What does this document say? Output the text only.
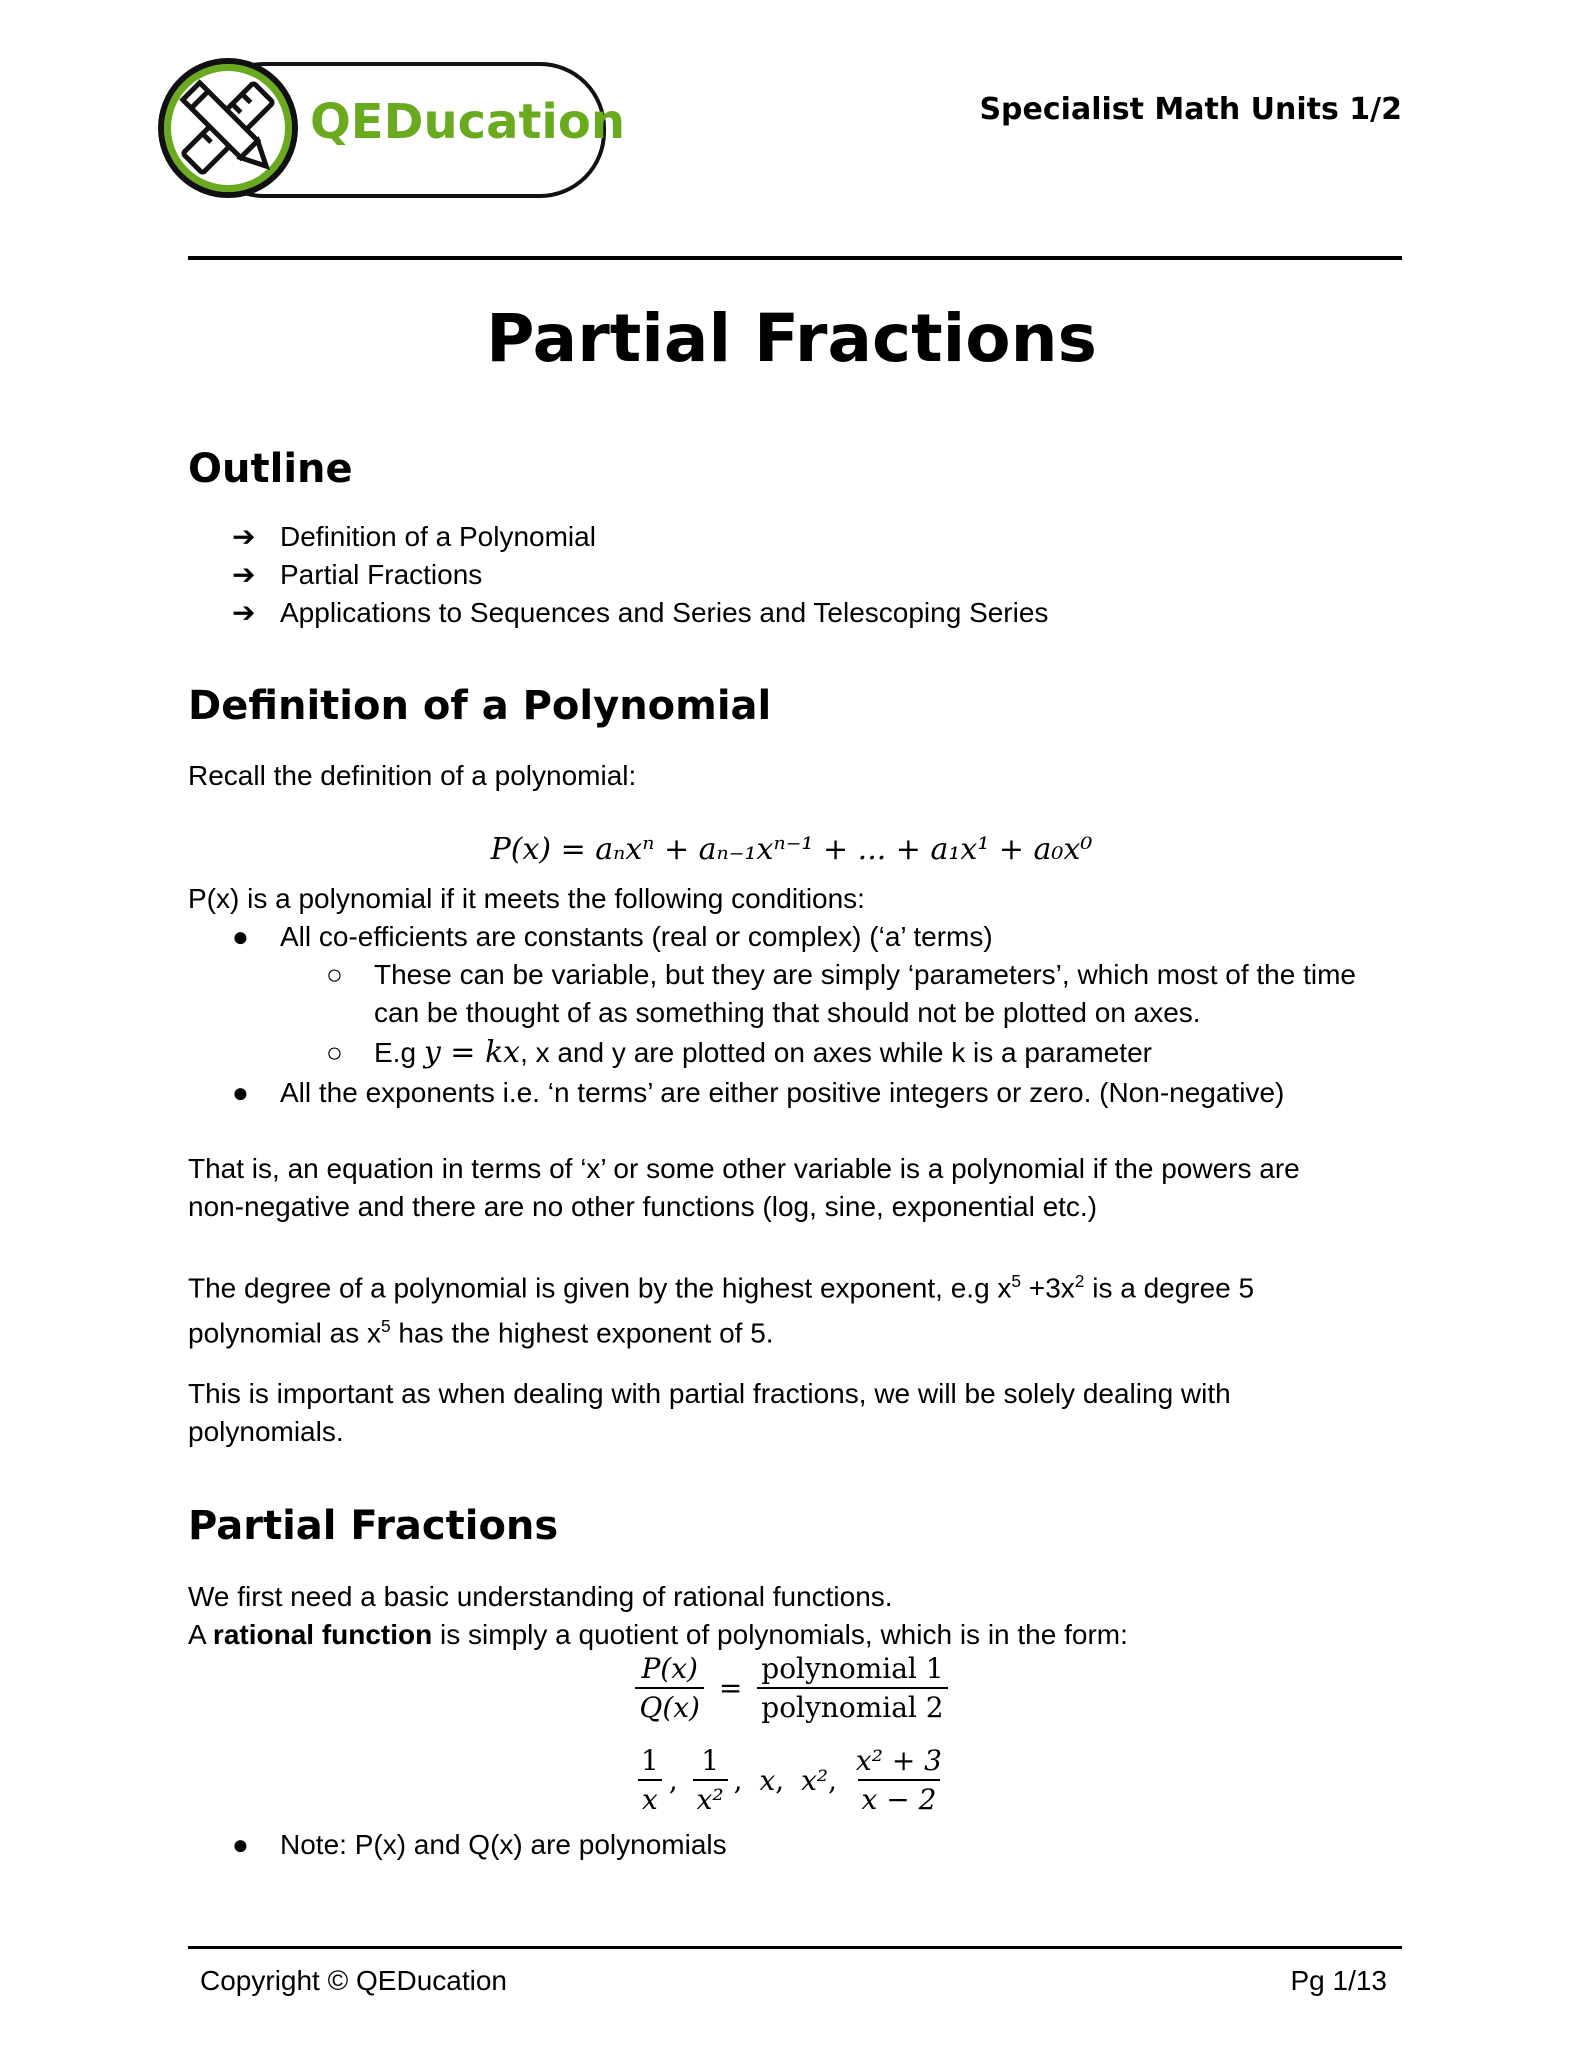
QEDucation	Specialist Math Units 1/2
Partial Fractions
Outline
➔ Definition of a Polynomial
➔ Partial Fractions
➔ Applications to Sequences and Series and Telescoping Series
Definition of a Polynomial
Recall the definition of a polynomial:
P(x) = aₙxⁿ + aₙ₋₁xⁿ⁻¹ + ... + a₁x¹ + a₀x⁰
P(x) is a polynomial if it meets the following conditions:
● All co-efficients are constants (real or complex) (‘a’ terms)
○ These can be variable, but they are simply ‘parameters’, which most of the time
can be thought of as something that should not be plotted on axes.
○ E.g y = kx, x and y are plotted on axes while k is a parameter
● All the exponents i.e. ‘n terms’ are either positive integers or zero. (Non-negative)
That is, an equation in terms of ‘x’ or some other variable is a polynomial if the powers are
non-negative and there are no other functions (log, sine, exponential etc.)
The degree of a polynomial is given by the highest exponent, e.g $x^5 +3x^2$ is a degree 5
polynomial as $x^5$ has the highest exponent of 5.
This is important as when dealing with partial fractions, we will be solely dealing with
polynomials.
Partial Fractions
We first need a basic understanding of rational functions.
A rational function is simply a quotient of polynomials, which is in the form:
$\frac{P(x)}{Q(x)} = \frac{\text{polynomial 1}}{\text{polynomial 2}}$
$\frac{1}{x}$ , $\frac{1}{\text{x²}}$ , x, x², $\frac{\text{x² + 3}}{x - 2}$
● Note: P(x) and Q(x) are polynomials
Copyright © QEDucation	Pg 1/13
